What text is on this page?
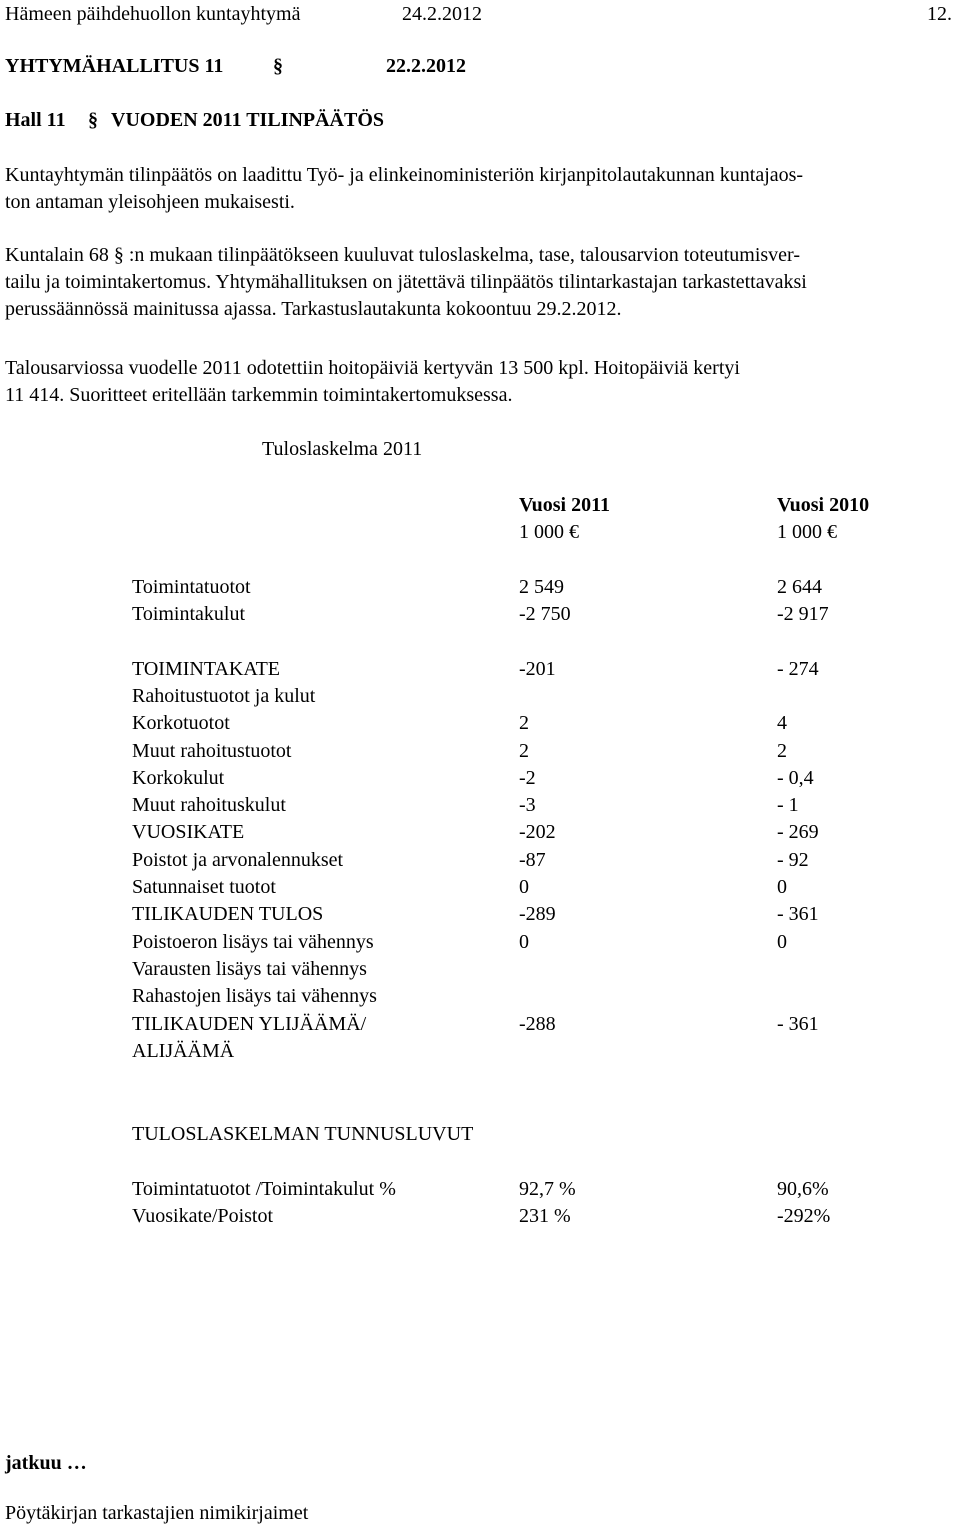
Hämeen päihdehuollon kuntayhtymä	24.2.2012	12.
YHTYMÄHALLITUS 11 §	22.2.2012
Hall 11 § VUODEN 2011 TILINPÄÄTÖS
Kuntayhtymän tilinpäätös on laadittu Työ- ja elinkeinoministeriön kirjanpitolautakunnan kuntajaos-
ton antaman yleisohjeen mukaisesti.
Kuntalain 68 § :n mukaan tilinpäätökseen kuuluvat tuloslaskelma, tase, talousarvion toteutumisver-
tailu ja toimintakertomus. Yhtymähallituksen on jätettävä tilinpäätös tilintarkastajan tarkastettavaksi
perussäännössä mainitussa ajassa. Tarkastuslautakunta kokoontuu 29.2.2012.
Talousarviossa vuodelle 2011 odotettiin hoitopäiviä kertyvän 13 500 kpl. Hoitopäiviä kertyi
11 414. Suoritteet eritellään tarkemmin toimintakertomuksessa.
Tuloslaskelma 2011
Vuosi 2011	Vuosi 2010
1 000 €	1 000 €
Toimintatuotot	2 549	2 644
Toimintakulut	-2 750	-2 917
TOIMINTAKATE	-201	- 274
Rahoitustuotot ja kulut
Korkotuotot	2	4
Muut rahoitustuotot	2	2
Korkokulut	-2	- 0,4
Muut rahoituskulut	-3	- 1
VUOSIKATE	-202	- 269
Poistot ja arvonalennukset	-87	- 92
Satunnaiset tuotot	0	0
TILIKAUDEN TULOS	-289	- 361
Poistoeron lisäys tai vähennys	0	0
Varausten lisäys tai vähennys
Rahastojen lisäys tai vähennys
TILIKAUDEN YLIJÄÄMÄ/	-288	- 361
ALIJÄÄMÄ
TULOSLASKELMAN TUNNUSLUVUT
Toimintatuotot /Toimintakulut %	92,7 %	90,6%
Vuosikate/Poistot	231 %	-292%
jatkuu …
Pöytäkirjan tarkastajien nimikirjaimet
